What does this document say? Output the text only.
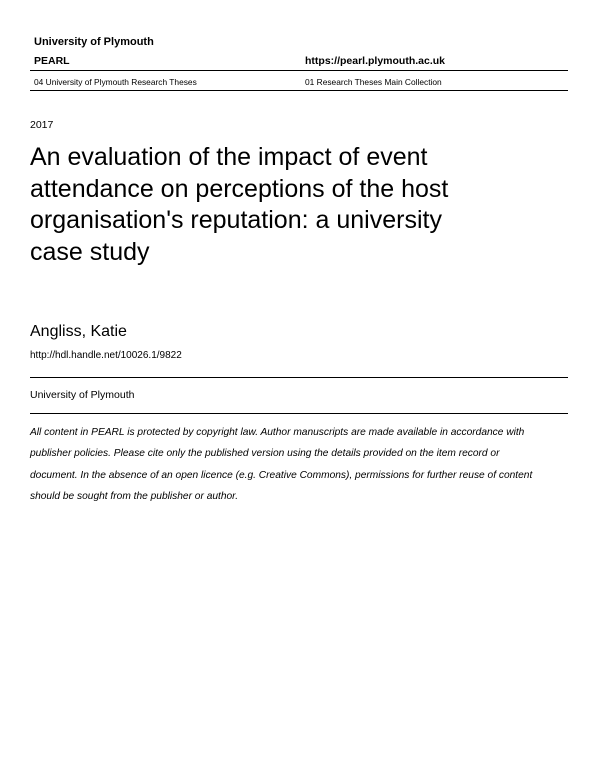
University of Plymouth
PEARL	https://pearl.plymouth.ac.uk
04 University of Plymouth Research Theses	01 Research Theses Main Collection
2017
An evaluation of the impact of event
attendance on perceptions of the host
organisation's reputation: a university
case study
Angliss, Katie
http://hdl.handle.net/10026.1/9822
University of Plymouth
All content in PEARL is protected by copyright law. Author manuscripts are made available in accordance with
publisher policies. Please cite only the published version using the details provided on the item record or
document. In the absence of an open licence (e.g. Creative Commons), permissions for further reuse of content
should be sought from the publisher or author.
